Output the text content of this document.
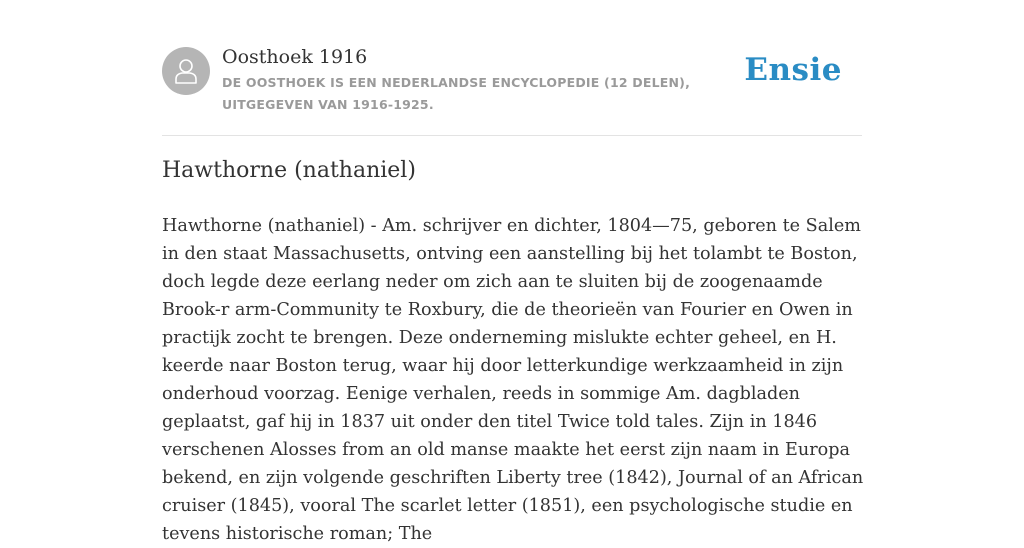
Oosthoek 1916
DE OOSTHOEK IS EEN NEDERLANDSE ENCYCLOPEDIE (12 DELEN), UITGEGEVEN VAN 1916-1925.
Ensie
Hawthorne (nathaniel)

Hawthorne (nathaniel) - Am. schrijver en dichter, 1804—75, geboren te Salem in den staat Massachusetts, ontving een aanstelling bij het tolambt te Boston, doch legde deze eerlang neder om zich aan te sluiten bij de zoogenaamde Brook-r arm-Community te Roxbury, die de theorieën van Fourier en Owen in practijk zocht te brengen. Deze onderneming mislukte echter geheel, en H. keerde naar Boston terug, waar hij door letterkundige werkzaamheid in zijn onderhoud voorzag. Eenige verhalen, reeds in sommige Am. dagbladen geplaatst, gaf hij in 1837 uit onder den titel Twice told tales. Zijn in 1846 verschenen Alosses from an old manse maakte het eerst zijn naam in Europa bekend, en zijn volgende geschriften Liberty tree (1842), Journal of an African cruiser (1845), vooral The scarlet letter (1851), een psychologische studie en tevens historische roman; The
